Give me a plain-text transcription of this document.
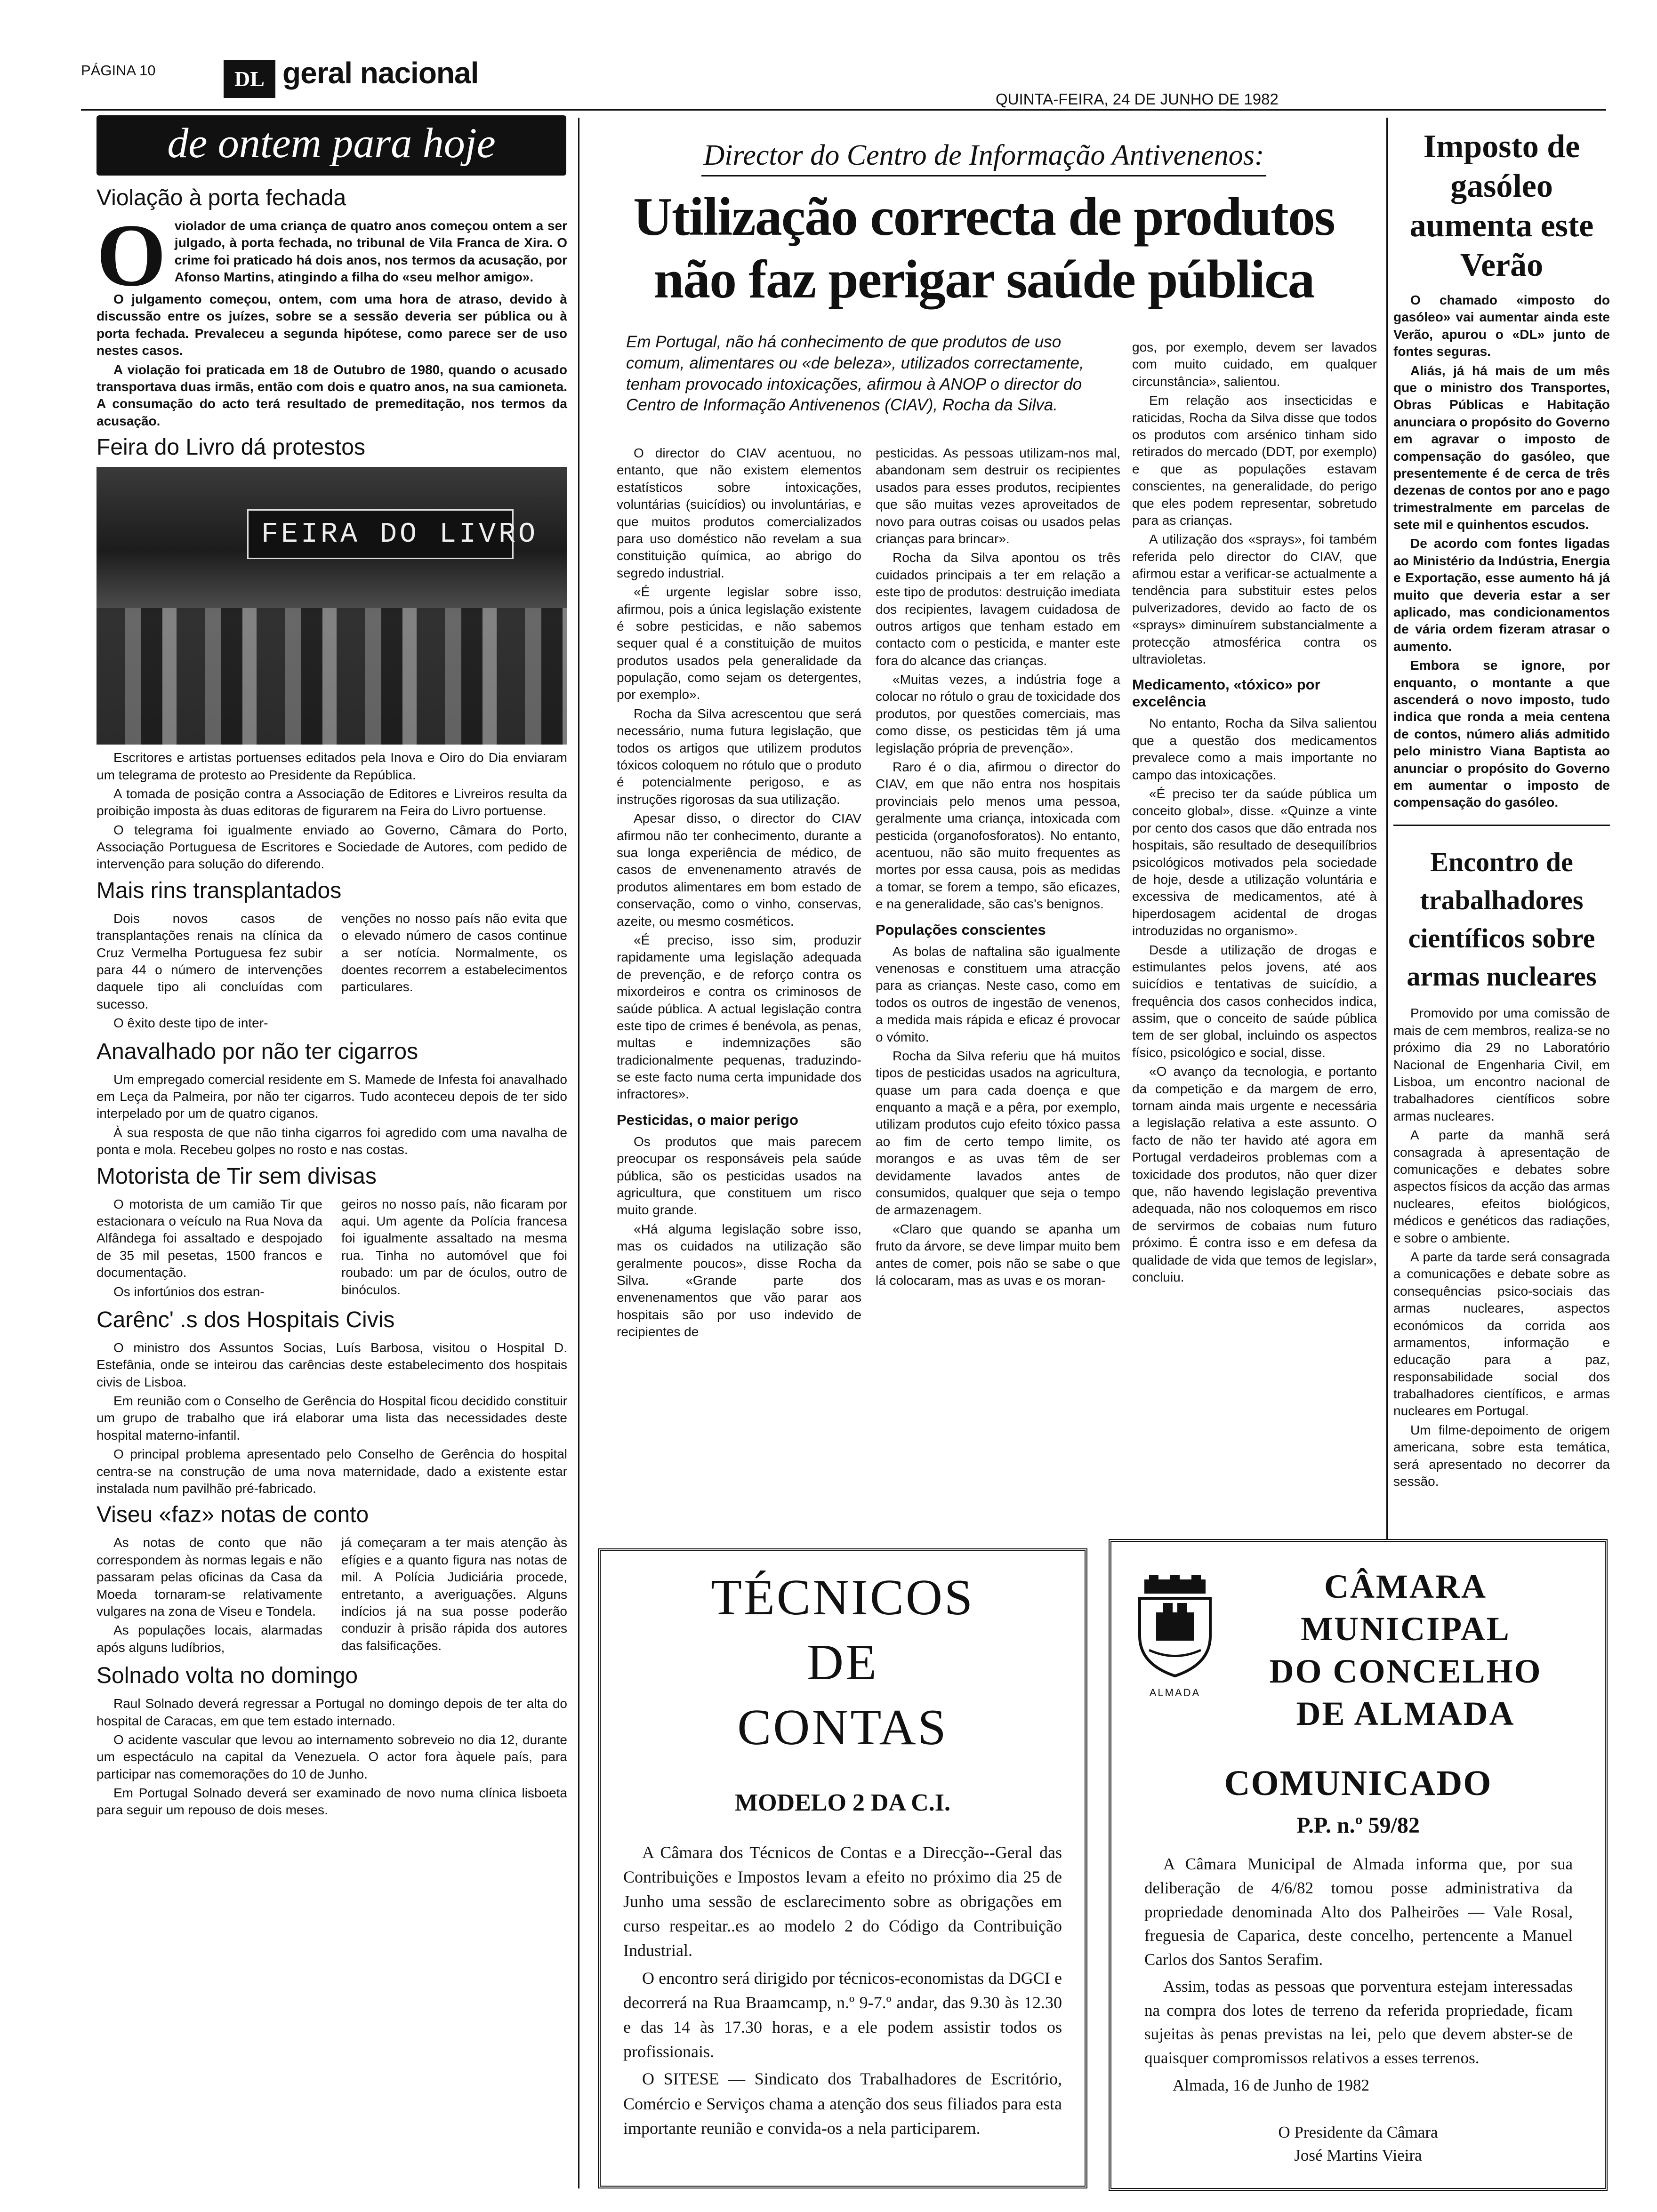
PÁGINA 10	DL geral nacional
QUINTA-FEIRA, 24 DE JUNHO DE 1982
de ontem para hoje
Violação à porta fechada
O violador de uma criança de quatro anos começou ontem a ser julgado, à porta fechada, no tribunal de Vila Franca de Xira. O crime foi praticado há dois anos, nos termos da acusação, por Afonso Martins, atingindo a filha do «seu melhor amigo».

O julgamento começou, ontem, com uma hora de atraso, devido à discussão entre os juízes, sobre se a sessão deveria ser pública ou à porta fechada. Prevaleceu a segunda hipótese, como parece ser de uso nestes casos.

A violação foi praticada em 18 de Outubro de 1980, quando o acusado transportava duas irmãs, então com dois e quatro anos, na sua camioneta. A consumação do acto terá resultado de premeditação, nos termos da acusação.

Feira do Livro dá protestos
FEIRA DO LIVRO

Escritores e artistas portuenses editados pela Inova e Oiro do Dia enviaram um telegrama de protesto ao Presidente da República.

A tomada de posição contra a Associação de Editores e Livreiros resulta da proibição imposta às duas editoras de figurarem na Feira do Livro portuense.

O telegrama foi igualmente enviado ao Governo, Câmara do Porto, Associação Portuguesa de Escritores e Sociedade de Autores, com pedido de intervenção para solução do diferendo.

Mais rins transplantados

Dois novos casos de transplantações renais na clínica da Cruz Vermelha Portuguesa fez subir para 44 o número de intervenções daquele tipo ali concluídas com sucesso.

O êxito deste tipo de inter-

venções no nosso país não evita que o elevado número de casos continue a ser notícia. Normalmente, os doentes recorrem a estabelecimentos particulares.

Anavalhado por não ter cigarros

Um empregado comercial residente em S. Mamede de Infesta foi anavalhado em Leça da Palmeira, por não ter cigarros. Tudo aconteceu depois de ter sido interpelado por um de quatro ciganos.

À sua resposta de que não tinha cigarros foi agredido com uma navalha de ponta e mola. Recebeu golpes no rosto e nas costas.

Motorista de Tir sem divisas

O motorista de um camião Tir que estacionara o veículo na Rua Nova da Alfândega foi assaltado e despojado de 35 mil pesetas, 1500 francos e documentação.

Os infortúnios dos estran-

geiros no nosso país, não ficaram por aqui. Um agente da Polícia francesa foi igualmente assaltado na mesma rua. Tinha no automóvel que foi roubado: um par de óculos, outro de binóculos.

Carênc' .s dos Hospitais Civis

O ministro dos Assuntos Socias, Luís Barbosa, visitou o Hospital D. Estefânia, onde se inteirou das carências deste estabelecimento dos hospitais civis de Lisboa.

Em reunião com o Conselho de Gerência do Hospital ficou decidido constituir um grupo de trabalho que irá elaborar uma lista das necessidades deste hospital materno-infantil.

O principal problema apresentado pelo Conselho de Gerência do hospital centra-se na construção de uma nova maternidade, dado a existente estar instalada num pavilhão pré-fabricado.

Viseu «faz» notas de conto

As notas de conto que não correspondem às normas legais e não passaram pelas oficinas da Casa da Moeda tornaram-se relativamente vulgares na zona de Viseu e Tondela.

As populações locais, alarmadas após alguns ludíbrios,

já começaram a ter mais atenção às efígies e a quanto figura nas notas de mil. A Polícia Judiciária procede, entretanto, a averiguações. Alguns indícios já na sua posse poderão conduzir à prisão rápida dos autores das falsificações.

Solnado volta no domingo

Raul Solnado deverá regressar a Portugal no domingo depois de ter alta do hospital de Caracas, em que tem estado internado.

O acidente vascular que levou ao internamento sobreveio no dia 12, durante um espectáculo na capital da Venezuela. O actor fora àquele país, para participar nas comemorações do 10 de Junho.

Em Portugal Solnado deverá ser examinado de novo numa clínica lisboeta para seguir um repouso de dois meses.

Director do Centro de Informação Antivenenos:
Utilização correcta de produtos
não faz perigar saúde pública

Em Portugal, não há conhecimento de que produtos de uso comum, alimentares ou «de beleza», utilizados correctamente, tenham provocado intoxicações, afirmou à ANOP o director do Centro de Informação Antivenenos (CIAV), Rocha da Silva.

O director do CIAV acentuou, no entanto, que não existem elementos estatísticos sobre intoxicações, voluntárias (suicídios) ou involuntárias, e que muitos produtos comercializados para uso doméstico não revelam a sua constituição química, ao abrigo do segredo industrial.

«É urgente legislar sobre isso, afirmou, pois a única legislação existente é sobre pesticidas, e não sabemos sequer qual é a constituição de muitos produtos usados pela generalidade da população, como sejam os detergentes, por exemplo».

Rocha da Silva acrescentou que será necessário, numa futura legislação, que todos os artigos que utilizem produtos tóxicos coloquem no rótulo que o produto é potencialmente perigoso, e as instruções rigorosas da sua utilização.

Apesar disso, o director do CIAV afirmou não ter conhecimento, durante a sua longa experiência de médico, de casos de envenenamento através de produtos alimentares em bom estado de conservação, como o vinho, conservas, azeite, ou mesmo cosméticos.

«É preciso, isso sim, produzir rapidamente uma legislação adequada de prevenção, e de reforço contra os mixordeiros e contra os criminosos de saúde pública. A actual legislação contra este tipo de crimes é benévola, as penas, multas e indemnizações são tradicionalmente pequenas, traduzindo-se este facto numa certa impunidade dos infractores».

Pesticidas, o maior perigo

Os produtos que mais parecem preocupar os responsáveis pela saúde pública, são os pesticidas usados na agricultura, que constituem um risco muito grande.

«Há alguma legislação sobre isso, mas os cuidados na utilização são geralmente poucos», disse Rocha da Silva. «Grande parte dos envenenamentos que vão parar aos hospitais são por uso indevido de recipientes de

pesticidas. As pessoas utilizam-nos mal, abandonam sem destruir os recipientes usados para esses produtos, recipientes que são muitas vezes aproveitados de novo para outras coisas ou usados pelas crianças para brincar».

Rocha da Silva apontou os três cuidados principais a ter em relação a este tipo de produtos: destruição imediata dos recipientes, lavagem cuidadosa de outros artigos que tenham estado em contacto com o pesticida, e manter este fora do alcance das crianças.

«Muitas vezes, a indústria foge a colocar no rótulo o grau de toxicidade dos produtos, por questões comerciais, mas como disse, os pesticidas têm já uma legislação própria de prevenção».

Raro é o dia, afirmou o director do CIAV, em que não entra nos hospitais provinciais pelo menos uma pessoa, geralmente uma criança, intoxicada com pesticida (organofosforatos). No entanto, acentuou, não são muito frequentes as mortes por essa causa, pois as medidas a tomar, se forem a tempo, são eficazes, e na generalidade, são cas's benignos.

Populações conscientes

As bolas de naftalina são igualmente venenosas e constituem uma atracção para as crianças. Neste caso, como em todos os outros de ingestão de venenos, a medida mais rápida e eficaz é provocar o vómito.

Rocha da Silva referiu que há muitos tipos de pesticidas usados na agricultura, quase um para cada doença e que enquanto a maçã e a pêra, por exemplo, utilizam produtos cujo efeito tóxico passa ao fim de certo tempo limite, os morangos e as uvas têm de ser devidamente lavados antes de consumidos, qualquer que seja o tempo de armazenagem.

«Claro que quando se apanha um fruto da árvore, se deve limpar muito bem antes de comer, pois não se sabe o que lá colocaram, mas as uvas e os moran-

gos, por exemplo, devem ser lavados com muito cuidado, em qualquer circunstância», salientou.

Em relação aos insecticidas e raticidas, Rocha da Silva disse que todos os produtos com arsénico tinham sido retirados do mercado (DDT, por exemplo) e que as populações estavam conscientes, na generalidade, do perigo que eles podem representar, sobretudo para as crianças.

A utilização dos «sprays», foi também referida pelo director do CIAV, que afirmou estar a verificar-se actualmente a tendência para substituir estes pelos pulverizadores, devido ao facto de os «sprays» diminuírem substancialmente a protecção atmosférica contra os ultravioletas.

Medicamento, «tóxico» por excelência

No entanto, Rocha da Silva salientou que a questão dos medicamentos prevalece como a mais importante no campo das intoxicações.

«É preciso ter da saúde pública um conceito global», disse. «Quinze a vinte por cento dos casos que dão entrada nos hospitais, são resultado de desequilíbrios psicológicos motivados pela sociedade de hoje, desde a utilização voluntária e excessiva de medicamentos, até à hiperdosagem acidental de drogas introduzidas no organismo».

Desde a utilização de drogas e estimulantes pelos jovens, até aos suicídios e tentativas de suicídio, a frequência dos casos conhecidos indica, assim, que o conceito de saúde pública tem de ser global, incluindo os aspectos físico, psicológico e social, disse.

«O avanço da tecnologia, e portanto da competição e da margem de erro, tornam ainda mais urgente e necessária a legislação relativa a este assunto. O facto de não ter havido até agora em Portugal verdadeiros problemas com a toxicidade dos produtos, não quer dizer que, não havendo legislação preventiva adequada, não nos coloquemos em risco de servirmos de cobaias num futuro próximo. É contra isso e em defesa da qualidade de vida que temos de legislar», concluiu.

Imposto de gasóleo aumenta este Verão

O chamado «imposto do gasóleo» vai aumentar ainda este Verão, apurou o «DL» junto de fontes seguras.

Aliás, já há mais de um mês que o ministro dos Transportes, Obras Públicas e Habitação anunciara o propósito do Governo em agravar o imposto de compensação do gasóleo, que presentemente é de cerca de três dezenas de contos por ano e pago trimestralmente em parcelas de sete mil e quinhentos escudos.

De acordo com fontes ligadas ao Ministério da Indústria, Energia e Exportação, esse aumento há já muito que deveria estar a ser aplicado, mas condicionamentos de vária ordem fizeram atrasar o aumento.

Embora se ignore, por enquanto, o montante a que ascenderá o novo imposto, tudo indica que ronda a meia centena de contos, número aliás admitido pelo ministro Viana Baptista ao anunciar o propósito do Governo em aumentar o imposto de compensação do gasóleo.

Encontro de trabalhadores científicos sobre armas nucleares

Promovido por uma comissão de mais de cem membros, realiza-se no próximo dia 29 no Laboratório Nacional de Engenharia Civil, em Lisboa, um encontro nacional de trabalhadores científicos sobre armas nucleares.

A parte da manhã será consagrada à apresentação de comunicações e debates sobre aspectos físicos da acção das armas nucleares, efeitos biológicos, médicos e genéticos das radiações, e sobre o ambiente.

A parte da tarde será consagrada a comunicações e debate sobre as consequências psico-sociais das armas nucleares, aspectos económicos da corrida aos armamentos, informação e educação para a paz, responsabilidade social dos trabalhadores científicos, e armas nucleares em Portugal.

Um filme-depoimento de origem americana, sobre esta temática, será apresentado no decorrer da sessão.

TÉCNICOS
DE
CONTAS
MODELO 2 DA C.I.

A Câmara dos Técnicos de Contas e a Direcção--Geral das Contribuições e Impostos levam a efeito no próximo dia 25 de Junho uma sessão de esclarecimento sobre as obrigações em curso respeitar..es ao modelo 2 do Código da Contribuição Industrial.

O encontro será dirigido por técnicos-economistas da DGCI e decorrerá na Rua Braamcamp, n.º 9-7.º andar, das 9.30 às 12.30 e das 14 às 17.30 horas, e a ele podem assistir todos os profissionais.

O SITESE — Sindicato dos Trabalhadores de Escritório, Comércio e Serviços chama a atenção dos seus filiados para esta importante reunião e convida-os a nela participarem.

ALMADA
CÂMARA
MUNICIPAL
DO CONCELHO
DE ALMADA
COMUNICADO
P.P. n.º 59/82

A Câmara Municipal de Almada informa que, por sua deliberação de 4/6/82 tomou posse administrativa da propriedade denominada Alto dos Palheirões — Vale Rosal, freguesia de Caparica, deste concelho, pertencente a Manuel Carlos dos Santos Serafim.

Assim, todas as pessoas que porventura estejam interessadas na compra dos lotes de terreno da referida propriedade, ficam sujeitas às penas previstas na lei, pelo que devem abster-se de quaisquer compromissos relativos a esses terrenos.

Almada, 16 de Junho de 1982
O Presidente da Câmara
José Martins Vieira
